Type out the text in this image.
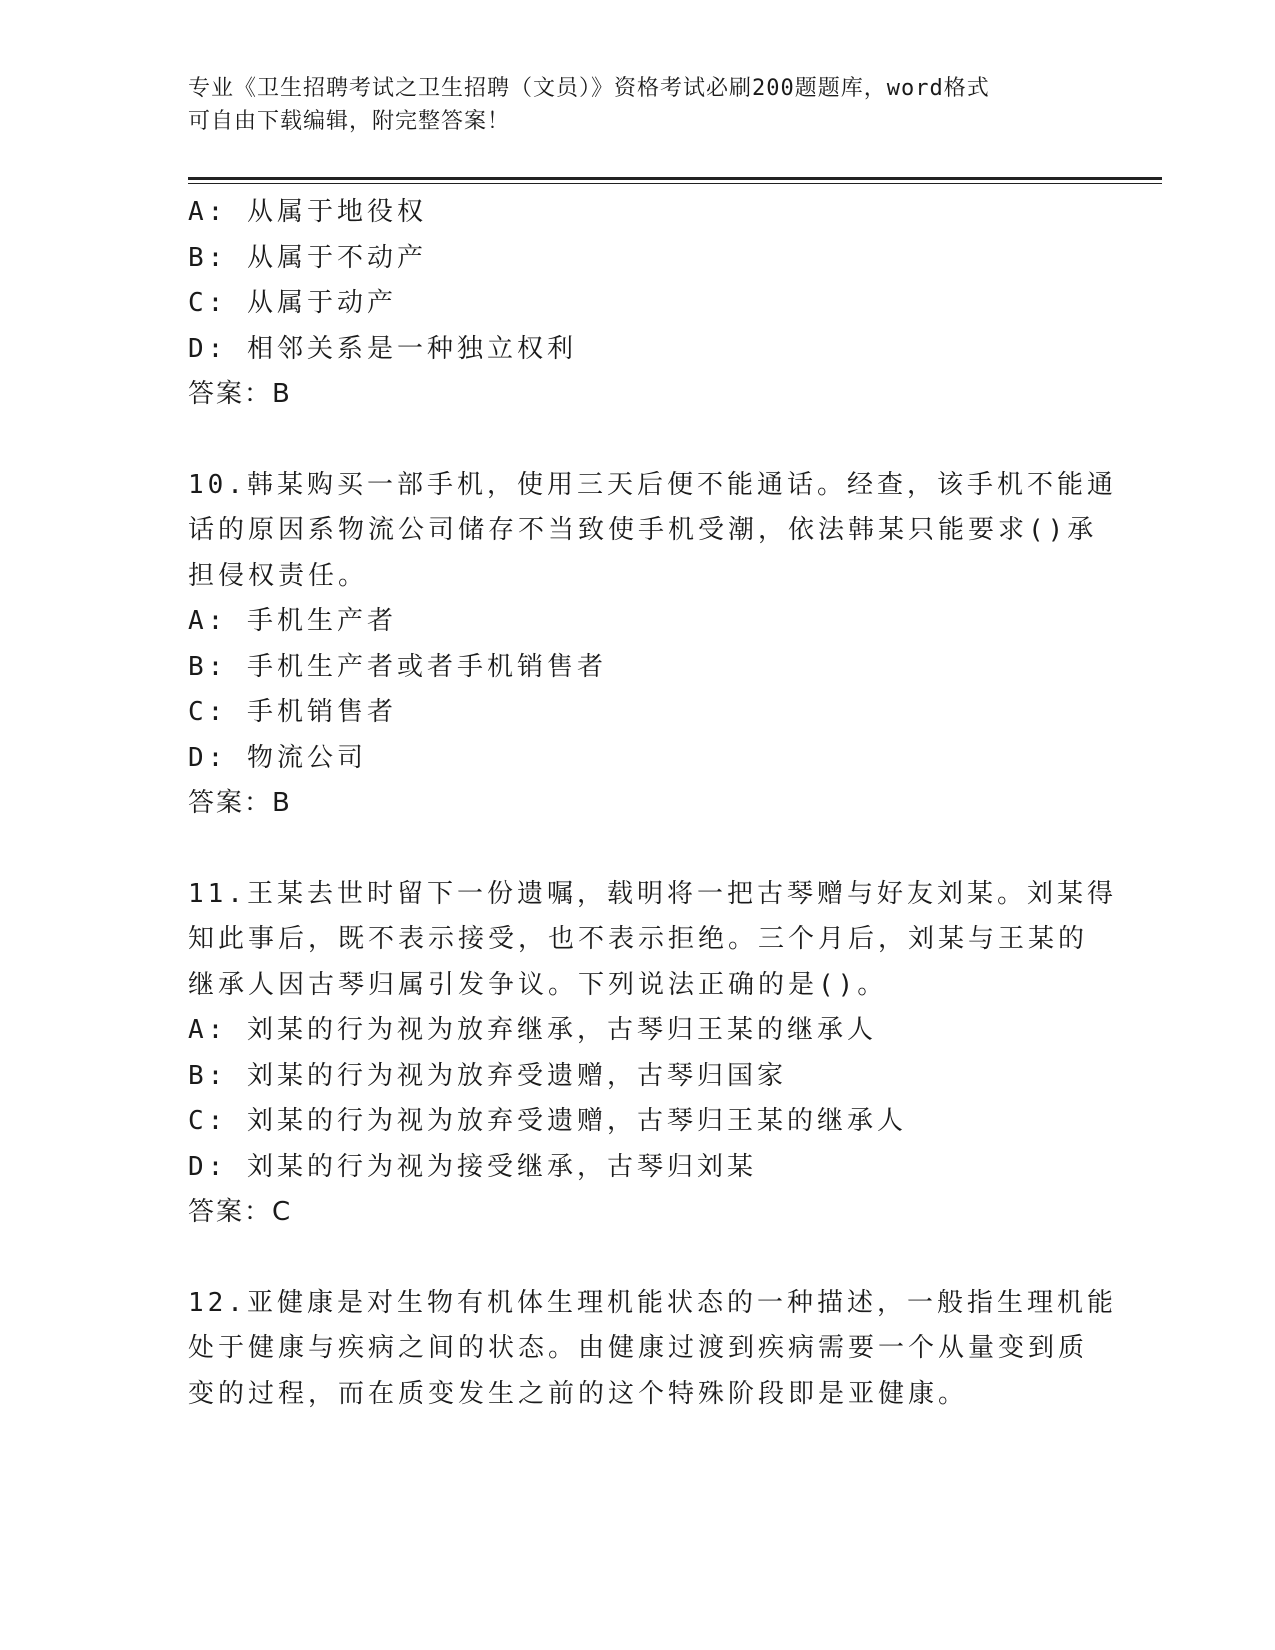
专业《卫生招聘考试之卫生招聘（文员）》资格考试必刷200题题库，word格式
可自由下载编辑，附完整答案！
A: 从属于地役权
B: 从属于不动产
C: 从属于动产
D: 相邻关系是一种独立权利
答案：B
10.韩某购买一部手机，使用三天后便不能通话。经查，该手机不能通
话的原因系物流公司储存不当致使手机受潮，依法韩某只能要求()承
担侵权责任。
A: 手机生产者
B: 手机生产者或者手机销售者
C: 手机销售者
D: 物流公司
答案：B
11.王某去世时留下一份遗嘱，载明将一把古琴赠与好友刘某。刘某得
知此事后，既不表示接受，也不表示拒绝。三个月后，刘某与王某的
继承人因古琴归属引发争议。下列说法正确的是()。
A: 刘某的行为视为放弃继承，古琴归王某的继承人
B: 刘某的行为视为放弃受遗赠，古琴归国家
C: 刘某的行为视为放弃受遗赠，古琴归王某的继承人
D: 刘某的行为视为接受继承，古琴归刘某
答案：C
12.亚健康是对生物有机体生理机能状态的一种描述，一般指生理机能
处于健康与疾病之间的状态。由健康过渡到疾病需要一个从量变到质
变的过程，而在质变发生之前的这个特殊阶段即是亚健康。
